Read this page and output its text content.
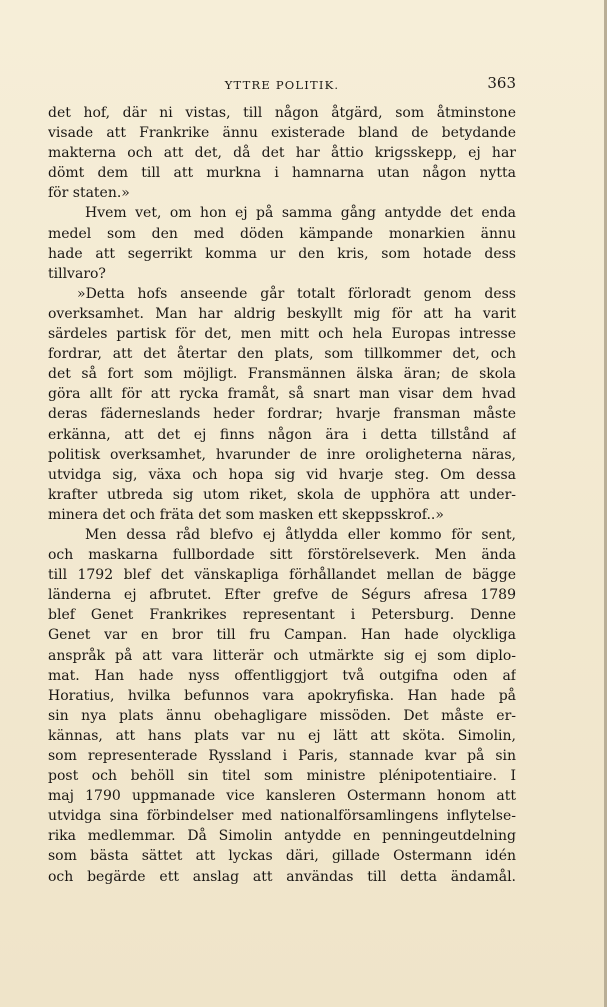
YTTRE POLITIK.	363
det hof, där ni vistas, till någon åtgärd, som åtminstone
visade att Frankrike ännu existerade bland de betydande
makterna och att det, då det har åttio krigsskepp, ej har
dömt dem till att murkna i hamnarna utan någon nytta
för staten.»
Hvem vet, om hon ej på samma gång antydde det enda
medel som den med döden kämpande monarkien ännu
hade att segerrikt komma ur den kris, som hotade dess
tillvaro?
»Detta hofs anseende går totalt förloradt genom dess
overksamhet. Man har aldrig beskyllt mig för att ha varit
särdeles partisk för det, men mitt och hela Europas intresse
fordrar, att det återtar den plats, som tillkommer det, och
det så fort som möjligt. Fransmännen älska äran; de skola
göra allt för att rycka framåt, så snart man visar dem hvad
deras fäderneslands heder fordrar; hvarje fransman måste
erkänna, att det ej finns någon ära i detta tillstånd af
politisk overksamhet, hvarunder de inre oroligheterna näras,
utvidga sig, växa och hopa sig vid hvarje steg. Om dessa
krafter utbreda sig utom riket, skola de upphöra att under-
minera det och fräta det som masken ett skeppsskrof..»
Men dessa råd blefvo ej åtlydda eller kommo för sent,
och maskarna fullbordade sitt förstörelseverk. Men ända
till 1792 blef det vänskapliga förhållandet mellan de bägge
länderna ej afbrutet. Efter grefve de Ségurs afresa 1789
blef Genet Frankrikes representant i Petersburg. Denne
Genet var en bror till fru Campan. Han hade olyckliga
anspråk på att vara litterär och utmärkte sig ej som diplo-
mat. Han hade nyss offentliggjort två outgifna oden af
Horatius, hvilka befunnos vara apokryfiska. Han hade på
sin nya plats ännu obehagligare missöden. Det måste er-
kännas, att hans plats var nu ej lätt att sköta. Simolin,
som representerade Ryssland i Paris, stannade kvar på sin
post och behöll sin titel som ministre plénipotentiaire. I
maj 1790 uppmanade vice kansleren Ostermann honom att
utvidga sina förbindelser med nationalförsamlingens inflytelse-
rika medlemmar. Då Simolin antydde en penningeutdelning
som bästa sättet att lyckas däri, gillade Ostermann idén
och begärde ett anslag att användas till detta ändamål.
